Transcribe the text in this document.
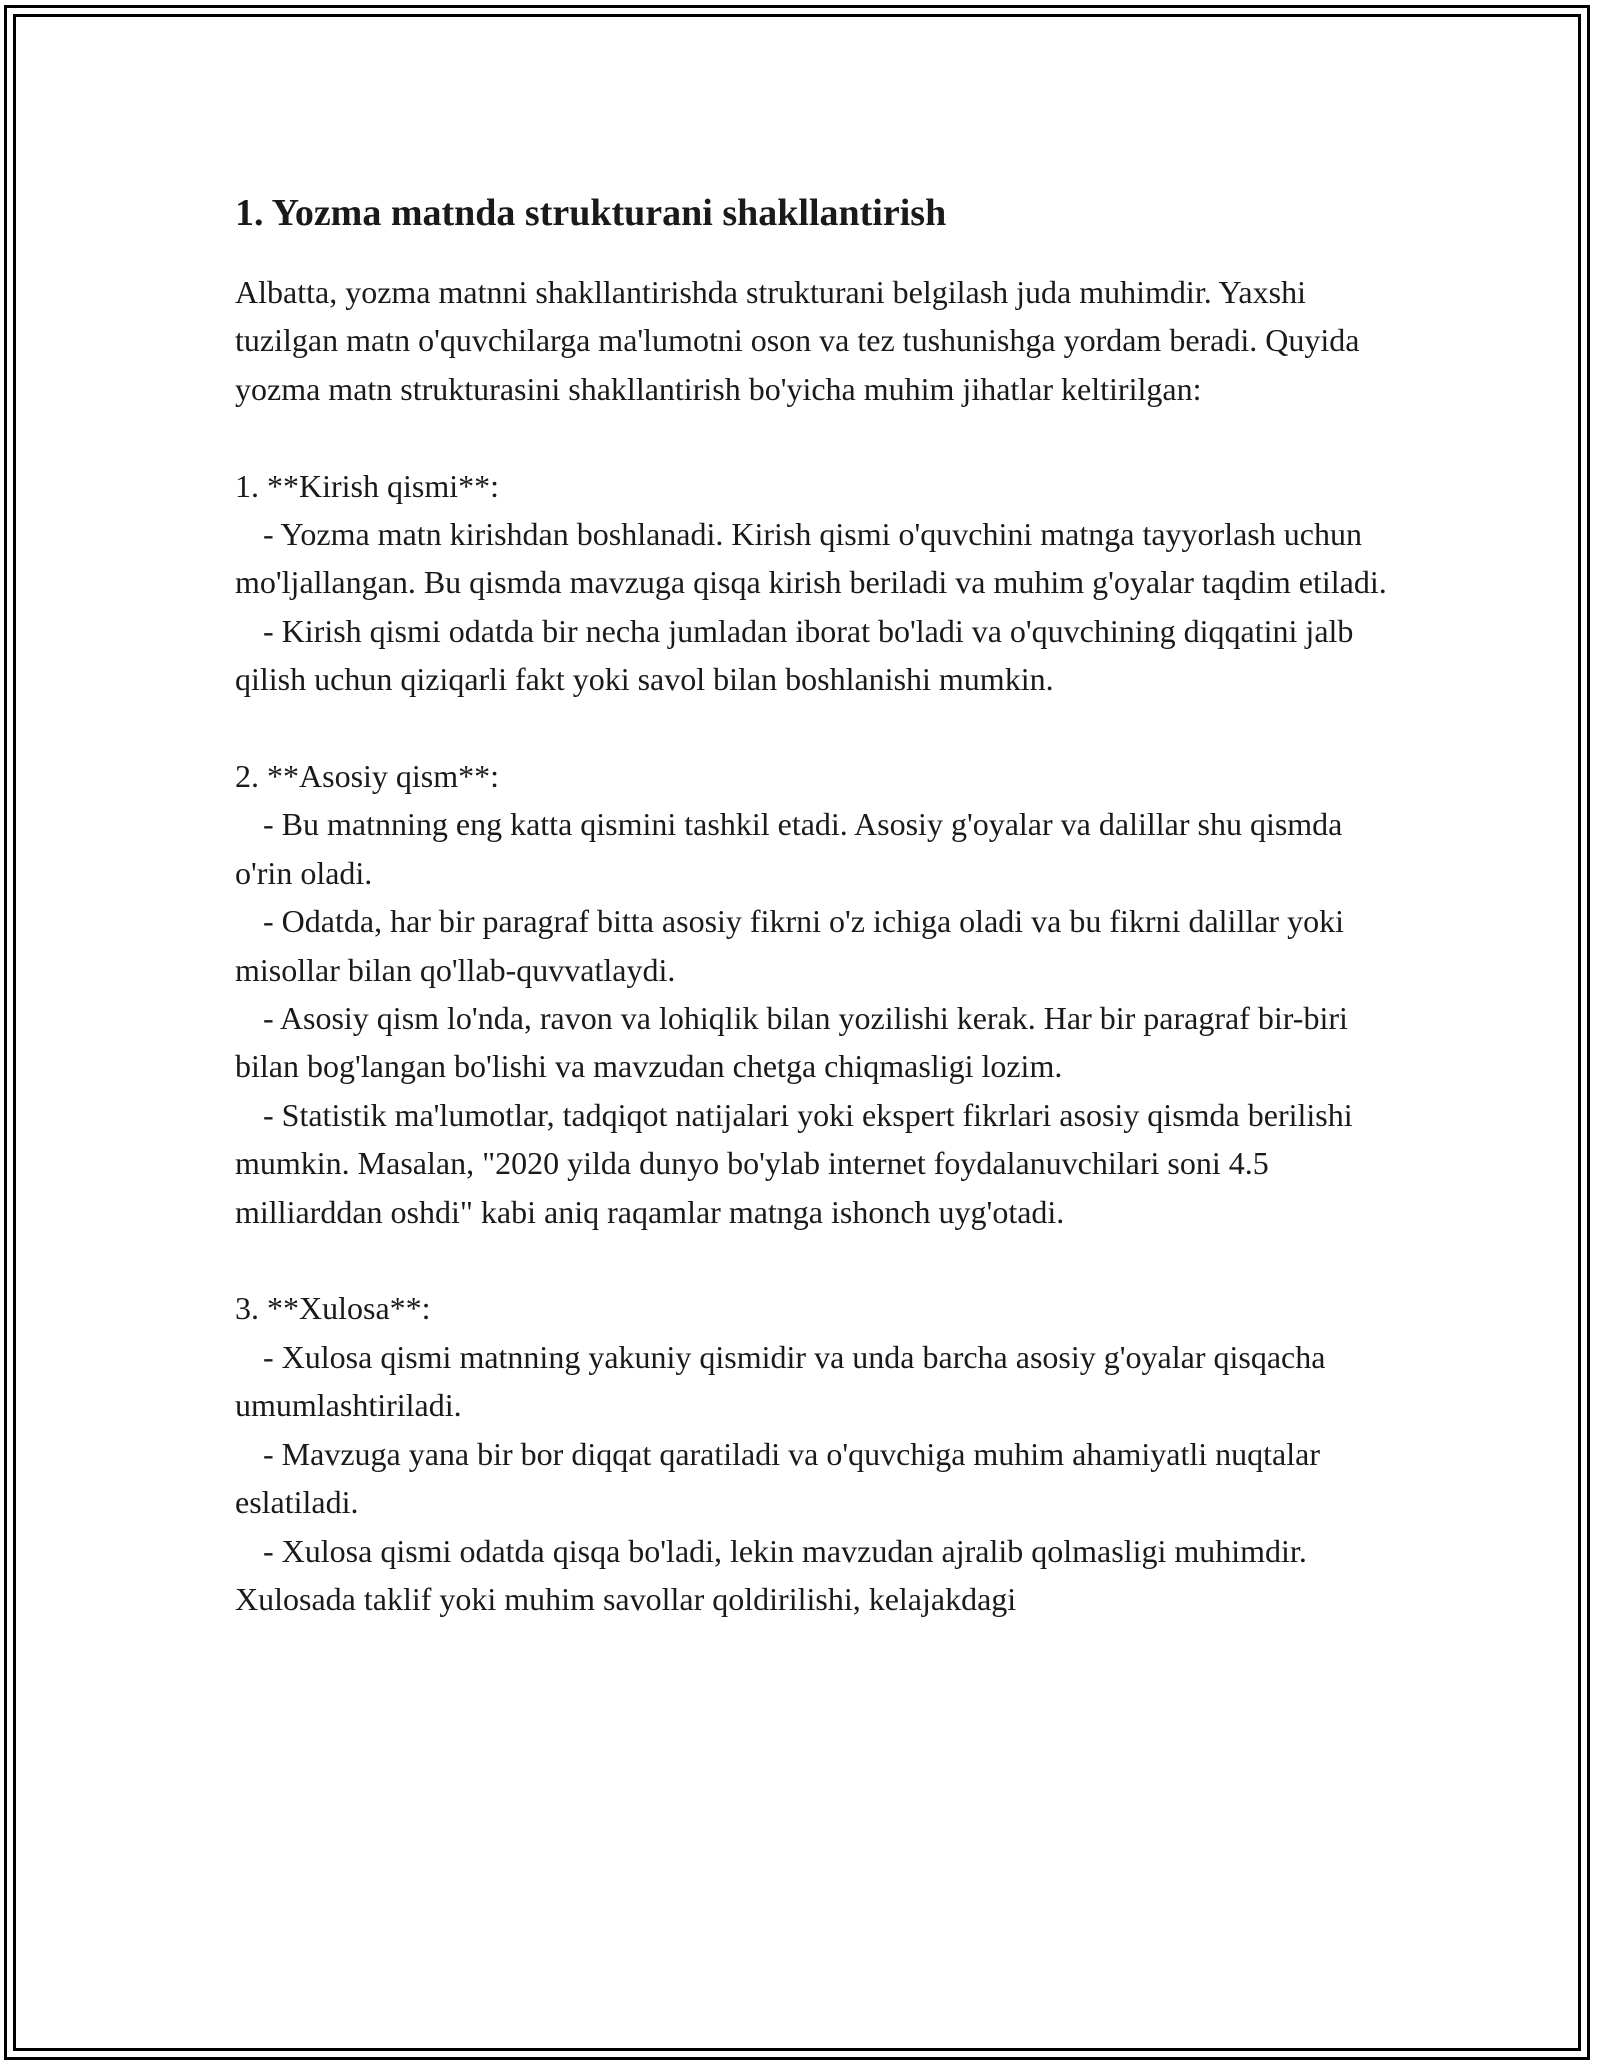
1. Yozma matnda strukturani shakllantirish

Albatta, yozma matnni shakllantirishda strukturani belgilash juda muhimdir. Yaxshi tuzilgan matn o'quvchilarga ma'lumotni oson va tez tushunishga yordam beradi. Quyida yozma matn strukturasini shakllantirish bo'yicha muhim jihatlar keltirilgan:

1. **Kirish qismi**:

- Yozma matn kirishdan boshlanadi. Kirish qismi o'quvchini matnga tayyorlash uchun mo'ljallangan. Bu qismda mavzuga qisqa kirish beriladi va muhim g'oyalar taqdim etiladi.

- Kirish qismi odatda bir necha jumladan iborat bo'ladi va o'quvchining diqqatini jalb qilish uchun qiziqarli fakt yoki savol bilan boshlanishi mumkin.

2. **Asosiy qism**:

- Bu matnning eng katta qismini tashkil etadi. Asosiy g'oyalar va dalillar shu qismda o'rin oladi.

- Odatda, har bir paragraf bitta asosiy fikrni o'z ichiga oladi va bu fikrni dalillar yoki misollar bilan qo'llab-quvvatlaydi.

- Asosiy qism lo'nda, ravon va lohiqlik bilan yozilishi kerak. Har bir paragraf bir-biri bilan bog'langan bo'lishi va mavzudan chetga chiqmasligi lozim.

- Statistik ma'lumotlar, tadqiqot natijalari yoki ekspert fikrlari asosiy qismda berilishi mumkin. Masalan, "2020 yilda dunyo bo'ylab internet foydalanuvchilari soni 4.5 milliarddan oshdi" kabi aniq raqamlar matnga ishonch uyg'otadi.

3. **Xulosa**:

- Xulosa qismi matnning yakuniy qismidir va unda barcha asosiy g'oyalar qisqacha umumlashtiriladi.

- Mavzuga yana bir bor diqqat qaratiladi va o'quvchiga muhim ahamiyatli nuqtalar eslatiladi.

- Xulosa qismi odatda qisqa bo'ladi, lekin mavzudan ajralib qolmasligi muhimdir. Xulosada taklif yoki muhim savollar qoldirilishi, kelajakdagi
